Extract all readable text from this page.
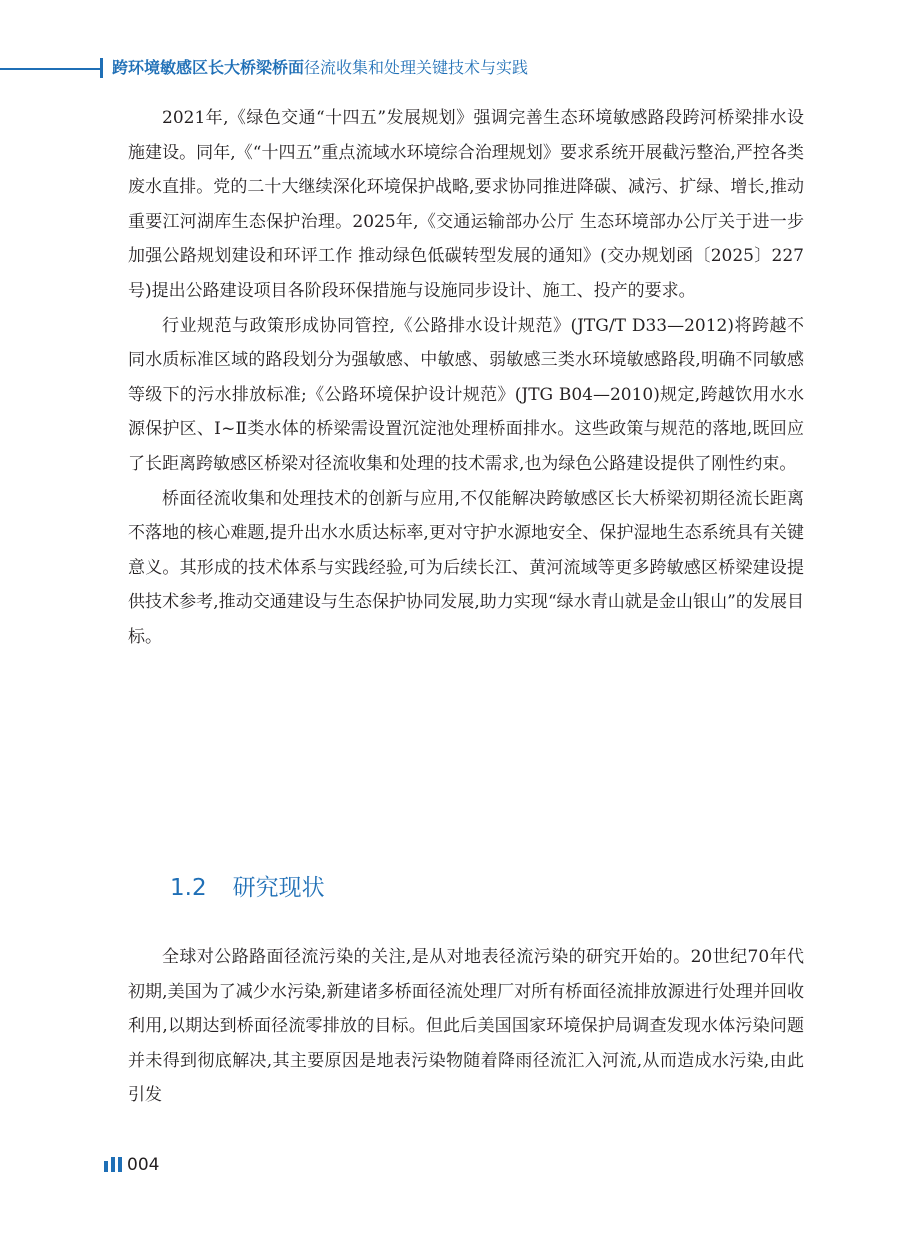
跨环境敏感区长大桥梁桥面径流收集和处理关键技术与实践

2021年,《绿色交通“十四五”发展规划》强调完善生态环境敏感路段跨河桥梁排水设施建设。同年,《“十四五”重点流域水环境综合治理规划》要求系统开展截污整治,严控各类废水直排。党的二十大继续深化环境保护战略,要求协同推进降碳、减污、扩绿、增长,推动重要江河湖库生态保护治理。2025年,《交通运输部办公厅 生态环境部办公厅关于进一步加强公路规划建设和环评工作 推动绿色低碳转型发展的通知》(交办规划函〔2025〕227号)提出公路建设项目各阶段环保措施与设施同步设计、施工、投产的要求。

行业规范与政策形成协同管控,《公路排水设计规范》(JTG/T D33—2012)将跨越不同水质标准区域的路段划分为强敏感、中敏感、弱敏感三类水环境敏感路段,明确不同敏感等级下的污水排放标准;《公路环境保护设计规范》(JTG B04—2010)规定,跨越饮用水水源保护区、Ⅰ~Ⅱ类水体的桥梁需设置沉淀池处理桥面排水。这些政策与规范的落地,既回应了长距离跨敏感区桥梁对径流收集和处理的技术需求,也为绿色公路建设提供了刚性约束。

桥面径流收集和处理技术的创新与应用,不仅能解决跨敏感区长大桥梁初期径流长距离不落地的核心难题,提升出水水质达标率,更对守护水源地安全、保护湿地生态系统具有关键意义。其形成的技术体系与实践经验,可为后续长江、黄河流域等更多跨敏感区桥梁建设提供技术参考,推动交通建设与生态保护协同发展,助力实现“绿水青山就是金山银山”的发展目标。

1.2 研究现状

全球对公路路面径流污染的关注,是从对地表径流污染的研究开始的。20世纪70年代初期,美国为了减少水污染,新建诸多桥面径流处理厂对所有桥面径流排放源进行处理并回收利用,以期达到桥面径流零排放的目标。但此后美国国家环境保护局调查发现水体污染问题并未得到彻底解决,其主要原因是地表污染物随着降雨径流汇入河流,从而造成水污染,由此引发

004
